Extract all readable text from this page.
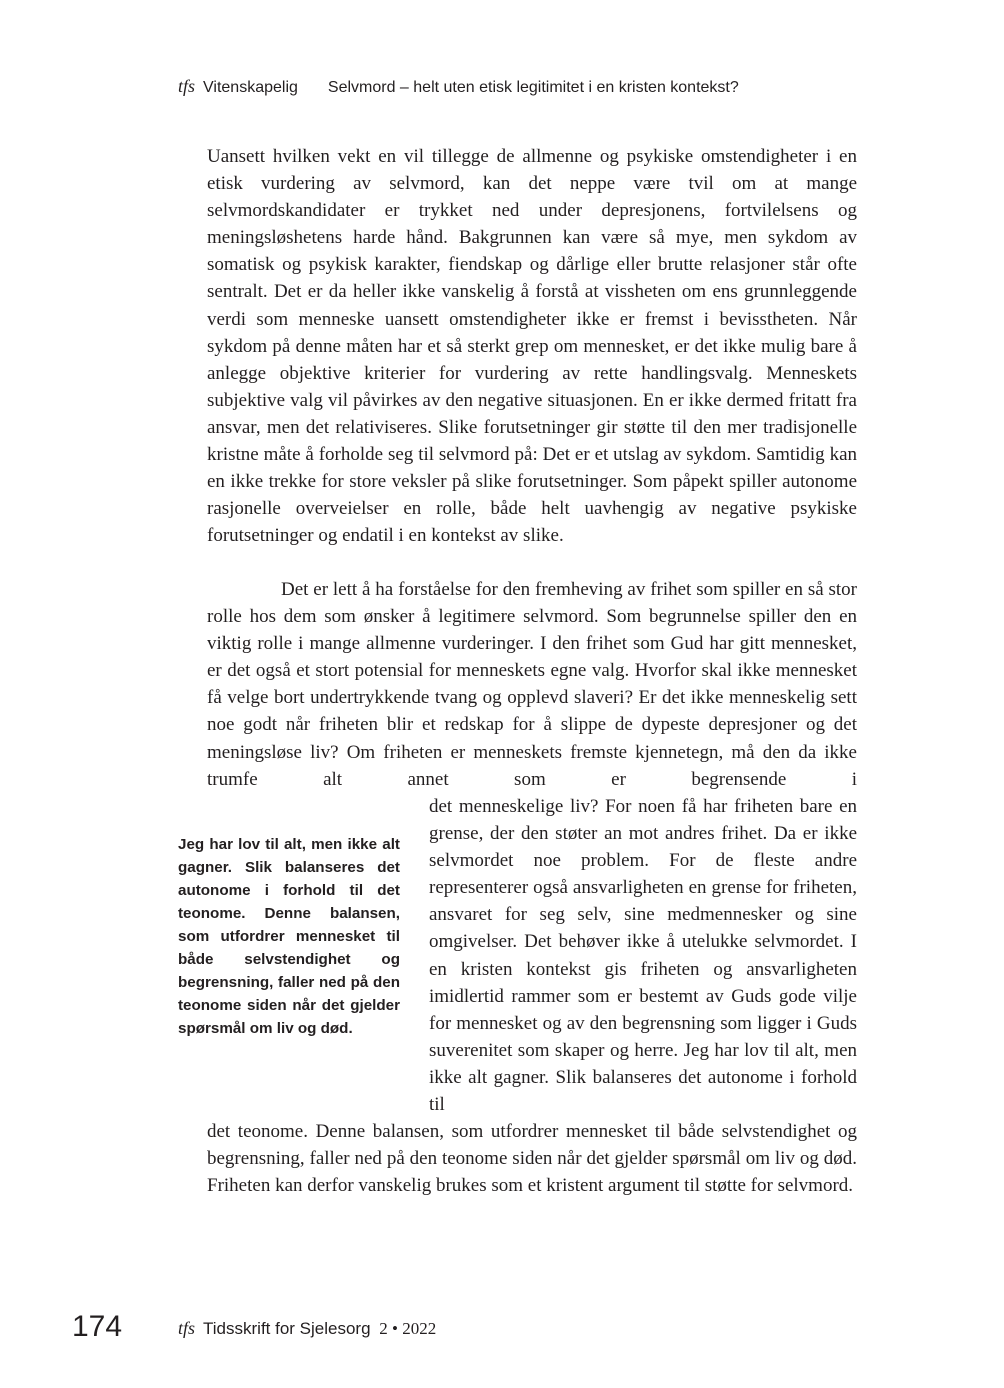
tfs Vitenskapelig Selvmord – helt uten etisk legitimitet i en kristen kontekst?

Uansett hvilken vekt en vil tillegge de allmenne og psykiske omstendigheter i en etisk vurdering av selvmord, kan det neppe være tvil om at mange selvmordskandidater er trykket ned under depresjonens, fortvilelsens og meningsløshetens harde hånd. Bakgrunnen kan være så mye, men sykdom av somatisk og psykisk karakter, fiendskap og dårlige eller brutte relasjoner står ofte sentralt. Det er da heller ikke vanskelig å forstå at vissheten om ens grunnleggende verdi som menneske uansett omstendigheter ikke er fremst i bevisstheten. Når sykdom på denne måten har et så sterkt grep om mennesket, er det ikke mulig bare å anlegge objektive kriterier for vurdering av rette handlingsvalg. Menneskets subjektive valg vil påvirkes av den negative situasjonen. En er ikke dermed fritatt fra ansvar, men det relativiseres. Slike forutsetninger gir støtte til den mer tradisjonelle kristne måte å forholde seg til selvmord på: Det er et utslag av sykdom. Samtidig kan en ikke trekke for store veksler på slike forutsetninger. Som påpekt spiller autonome rasjonelle overveielser en rolle, både helt uavhengig av negative psykiske forutsetninger og endatil i en kontekst av slike.

Det er lett å ha forståelse for den fremheving av frihet som spiller en så stor rolle hos dem som ønsker å legitimere selvmord. Som begrunnelse spiller den en viktig rolle i mange allmenne vurderinger. I den frihet som Gud har gitt mennesket, er det også et stort potensial for menneskets egne valg. Hvorfor skal ikke mennesket få velge bort undertrykkende tvang og opplevd slaveri? Er det ikke menneskelig sett noe godt når friheten blir et redskap for å slippe de dypeste depresjoner og det meningsløse liv? Om friheten er menneskets fremste kjennetegn, må den da ikke trumfe alt annet som er begrensende i

det menneskelige liv? For noen få har friheten bare en grense, der den støter an mot andres frihet. Da er ikke selvmordet noe problem. For de fleste andre representerer også ansvarligheten en grense for friheten, ansvaret for seg selv, sine medmennesker og sine omgivelser. Det behøver ikke å utelukke selvmordet. I en kristen kontekst gis friheten og ansvarligheten imidlertid rammer som er bestemt av Guds gode vilje for mennesket og av den begrensning som ligger i Guds suverenitet som skaper og herre. Jeg har lov til alt, men ikke alt gagner. Slik balanseres det autonome i forhold til

Jeg har lov til alt, men ikke alt gagner. Slik balanseres det autonome i forhold til det teonome. Denne balansen, som utfordrer mennesket til både selvstendighet og begrensning, faller ned på den teonome siden når det gjelder spørsmål om liv og død.

det teonome. Denne balansen, som utfordrer mennesket til både selvstendighet og begrensning, faller ned på den teonome siden når det gjelder spørsmål om liv og død. Friheten kan derfor vanskelig brukes som et kristent argument til støtte for selvmord.

174	tfs Tidsskrift for Sjelesorg 2 • 2022
